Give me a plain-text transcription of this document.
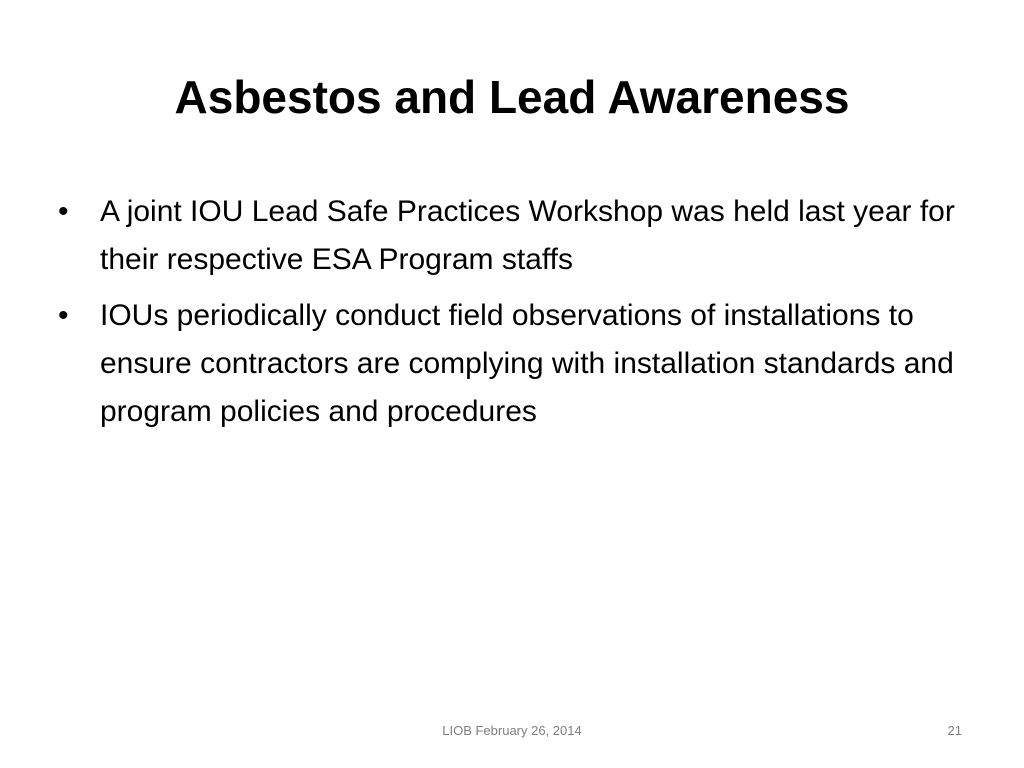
Asbestos and Lead Awareness
•	A joint IOU Lead Safe Practices Workshop was held last year for their respective ESA Program staffs
•	IOUs periodically conduct field observations of installations to ensure contractors are complying with installation standards and program policies and procedures
LIOB February 26, 2014	21
